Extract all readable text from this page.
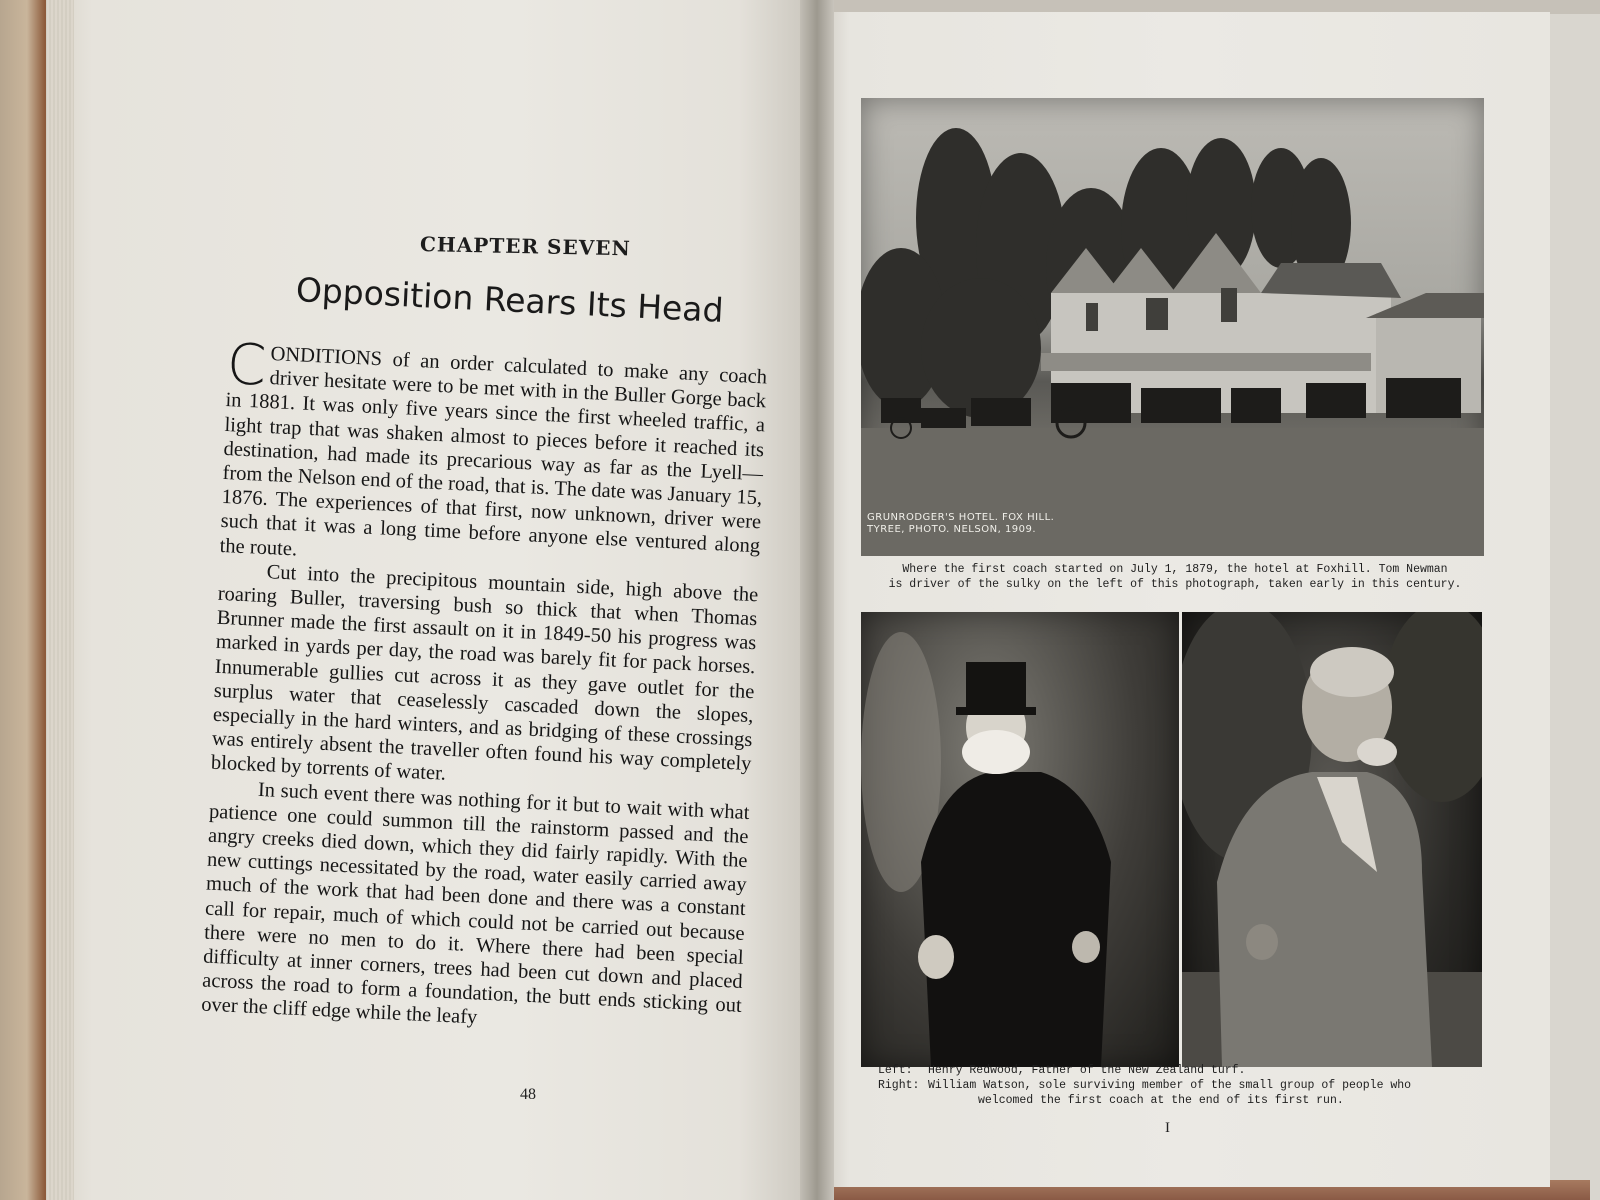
CHAPTER SEVEN
Opposition Rears Its Head

CONDITIONS of an order calculated to make any coach driver hesitate were to be met with in the Buller Gorge back in 1881. It was only five years since the first wheeled traffic, a light trap that was shaken almost to pieces before it reached its destination, had made its precarious way as far as the Lyell—from the Nelson end of the road, that is. The date was January 15, 1876. The experiences of that first, now unknown, driver were such that it was a long time before anyone else ventured along the route.

Cut into the precipitous mountain side, high above the roaring Buller, traversing bush so thick that when Thomas Brunner made the first assault on it in 1849-50 his progress was marked in yards per day, the road was barely fit for pack horses. Innumerable gullies cut across it as they gave outlet for the surplus water that ceaselessly cascaded down the slopes, especially in the hard winters, and as bridging of these crossings was entirely absent the traveller often found his way completely blocked by torrents of water.

In such event there was nothing for it but to wait with what patience one could summon till the rainstorm passed and the angry creeks died down, which they did fairly rapidly. With the new cuttings necessitated by the road, water easily carried away much of the work that had been done and there was a constant call for repair, much of which could not be carried out because there were no men to do it. Where there had been special difficulty at inner corners, trees had been cut down and placed across the road to form a foundation, the butt ends sticking out over the cliff edge while the leafy

48
GRUNRODGER'S HOTEL. FOX HILL.
TYREE, PHOTO. NELSON, 1909.
Where the first coach started on July 1, 1879, the hotel at Foxhill. Tom Newman
is driver of the sulky on the left of this photograph, taken early in this century.
Left:	Henry Redwood, Father of the New Zealand turf.
Right: William Watson, sole surviving member of the small group of people who
welcomed the first coach at the end of its first run.
I
